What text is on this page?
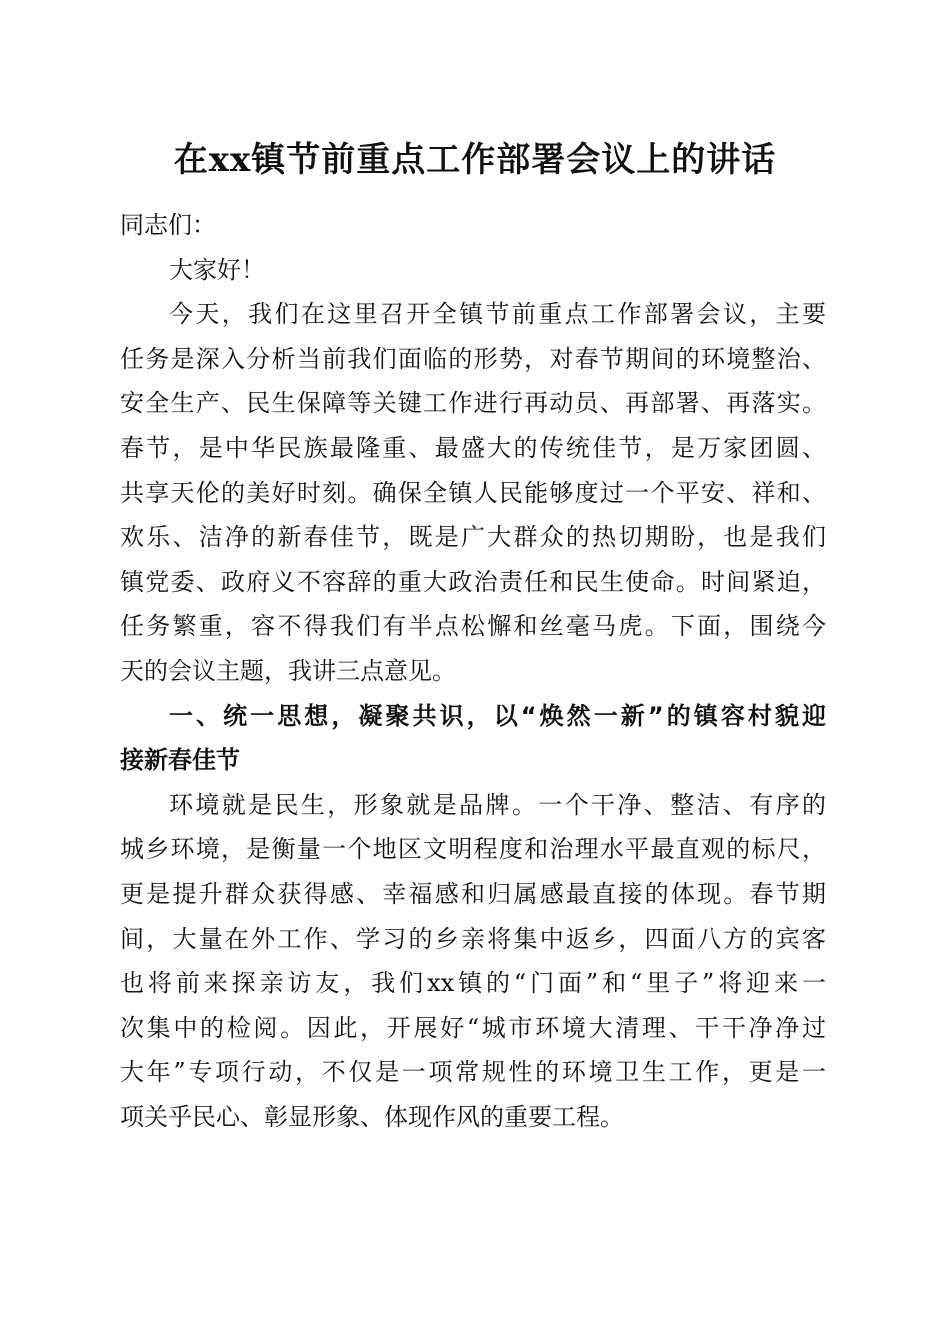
在xx镇节前重点工作部署会议上的讲话
同志们：
大家好！
今天，我们在这里召开全镇节前重点工作部署会议，主要
任务是深入分析当前我们面临的形势，对春节期间的环境整治、
安全生产、民生保障等关键工作进行再动员、再部署、再落实。
春节，是中华民族最隆重、最盛大的传统佳节，是万家团圆、
共享天伦的美好时刻。确保全镇人民能够度过一个平安、祥和、
欢乐、洁净的新春佳节，既是广大群众的热切期盼，也是我们
镇党委、政府义不容辞的重大政治责任和民生使命。时间紧迫，
任务繁重，容不得我们有半点松懈和丝毫马虎。下面，围绕今
天的会议主题，我讲三点意见。
一、统一思想，凝聚共识，以“焕然一新”的镇容村貌迎
接新春佳节
环境就是民生，形象就是品牌。一个干净、整洁、有序的
城乡环境，是衡量一个地区文明程度和治理水平最直观的标尺，
更是提升群众获得感、幸福感和归属感最直接的体现。春节期
间，大量在外工作、学习的乡亲将集中返乡，四面八方的宾客
也将前来探亲访友，我们xx镇的“门面”和“里子”将迎来一
次集中的检阅。因此，开展好“城市环境大清理、干干净净过
大年”专项行动，不仅是一项常规性的环境卫生工作，更是一
项关乎民心、彰显形象、体现作风的重要工程。
